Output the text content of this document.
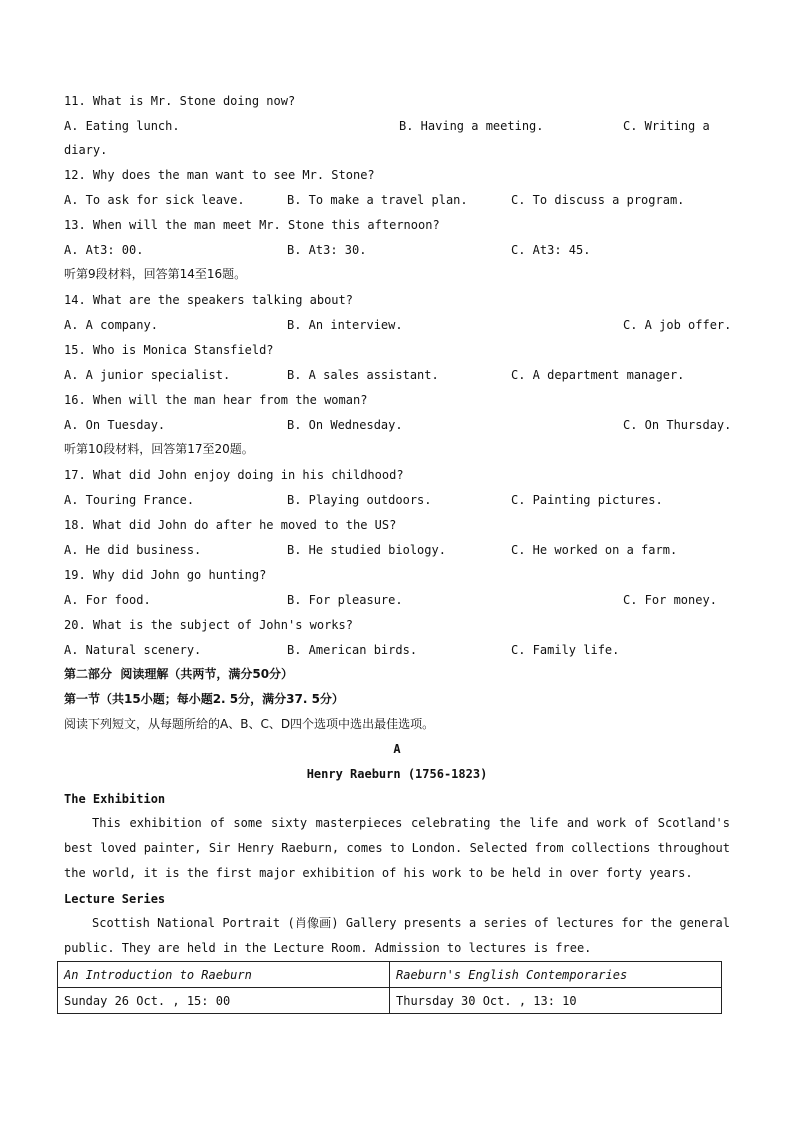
11. What is Mr. Stone doing now?
A. Eating lunch.	B. Having a meeting.	C. Writing a
diary.
12. Why does the man want to see Mr. Stone?
A. To ask for sick leave.	B. To make a travel plan.	C. To discuss a program.
13. When will the man meet Mr. Stone this afternoon?
A. At3: 00.	B. At3: 30.	C. At3: 45.
听第9段材料，回答第14至16题。
14. What are the speakers talking about?
A. A company.	B. An interview.	C. A job offer.
15. Who is Monica Stansfield?
A. A junior specialist.	B. A sales assistant.	C. A department manager.
16. When will the man hear from the woman?
A. On Tuesday.	B. On Wednesday.	C. On Thursday.
听第10段材料，回答第17至20题。
17. What did John enjoy doing in his childhood?
A. Touring France.	B. Playing outdoors.	C. Painting pictures.
18. What did John do after he moved to the US?
A. He did business.	B. He studied biology.	C. He worked on a farm.
19. Why did John go hunting?
A. For food.	B. For pleasure.	C. For money.
20. What is the subject of John's works?
A. Natural scenery.	B. American birds.	C. Family life.
第二部分  阅读理解（共两节，满分50分）
第一节（共15小题；每小题2. 5分，满分37. 5分）
阅读下列短文，从每题所给的A、B、C、D四个选项中选出最佳选项。
A
Henry Raeburn (1756-1823)
The Exhibition
This exhibition of some sixty masterpieces celebrating the life and work of Scotland's best loved painter, Sir Henry Raeburn, comes to London. Selected from collections throughout the world, it is the first major exhibition of his work to be held in over forty years.
Lecture Series
Scottish National Portrait (肖像画) Gallery presents a series of lectures for the general public. They are held in the Lecture Room. Admission to lectures is free.
An Introduction to Raeburn	Raeburn's English Contemporaries
Sunday 26 Oct. , 15: 00	Thursday 30 Oct. , 13: 10
